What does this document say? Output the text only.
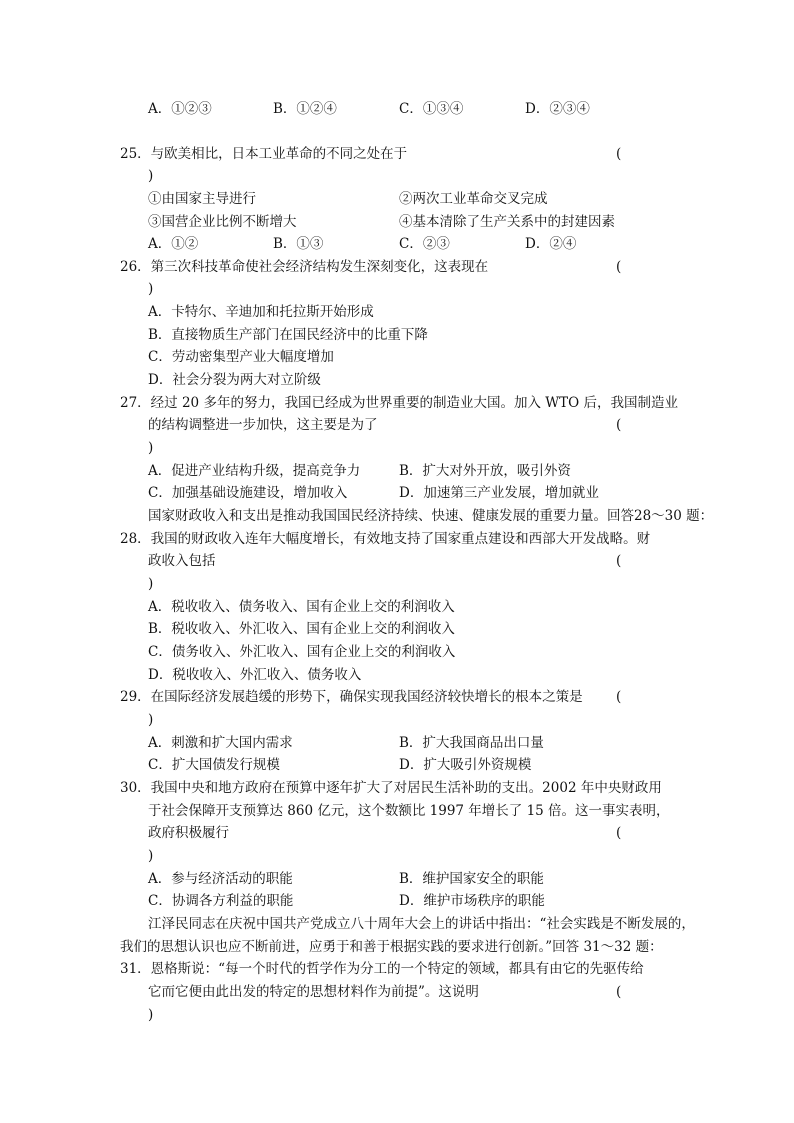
A．①②③	B．①②④	C．①③④	D．②③④
25．与欧美相比，日本工业革命的不同之处在于	(
)
①由国家主导进行	②两次工业革命交叉完成
③国营企业比例不断增大	④基本清除了生产关系中的封建因素
A．①②	B．①③	C．②③	D．②④
26．第三次科技革命使社会经济结构发生深刻变化，这表现在	(
)
A．卡特尔、辛迪加和托拉斯开始形成
B．直接物质生产部门在国民经济中的比重下降
C．劳动密集型产业大幅度增加
D．社会分裂为两大对立阶级
27．经过 20 多年的努力，我国已经成为世界重要的制造业大国。加入 WTO 后，我国制造业
的结构调整进一步加快，这主要是为了	(
)
A．促进产业结构升级，提高竞争力	B．扩大对外开放，吸引外资
C．加强基础设施建设，增加收入	D．加速第三产业发展，增加就业
国家财政收入和支出是推动我国国民经济持续、快速、健康发展的重要力量。回答28～30 题：
28．我国的财政收入连年大幅度增长，有效地支持了国家重点建设和西部大开发战略。财
政收入包括	(
)
A．税收收入、债务收入、国有企业上交的利润收入
B．税收收入、外汇收入、国有企业上交的利润收入
C．债务收入、外汇收入、国有企业上交的利润收入
D．税收收入、外汇收入、债务收入
29．在国际经济发展趋缓的形势下，确保实现我国经济较快增长的根本之策是 (
)
A．刺激和扩大国内需求	B．扩大我国商品出口量
C．扩大国债发行规模	D．扩大吸引外资规模
30．我国中央和地方政府在预算中逐年扩大了对居民生活补助的支出。2002 年中央财政用
于社会保障开支预算达 860 亿元，这个数额比 1997 年增长了 15 倍。这一事实表明，
政府积极履行	(
)
A．参与经济活动的职能	B．维护国家安全的职能
C．协调各方利益的职能	D．维护市场秩序的职能
江泽民同志在庆祝中国共产党成立八十周年大会上的讲话中指出：“社会实践是不断发展的，
我们的思想认识也应不断前进，应勇于和善于根据实践的要求进行创新。”回答 31～32 题：
31．恩格斯说：“每一个时代的哲学作为分工的一个特定的领域，都具有由它的先驱传给
它而它便由此出发的特定的思想材料作为前提”。这说明	(
)
